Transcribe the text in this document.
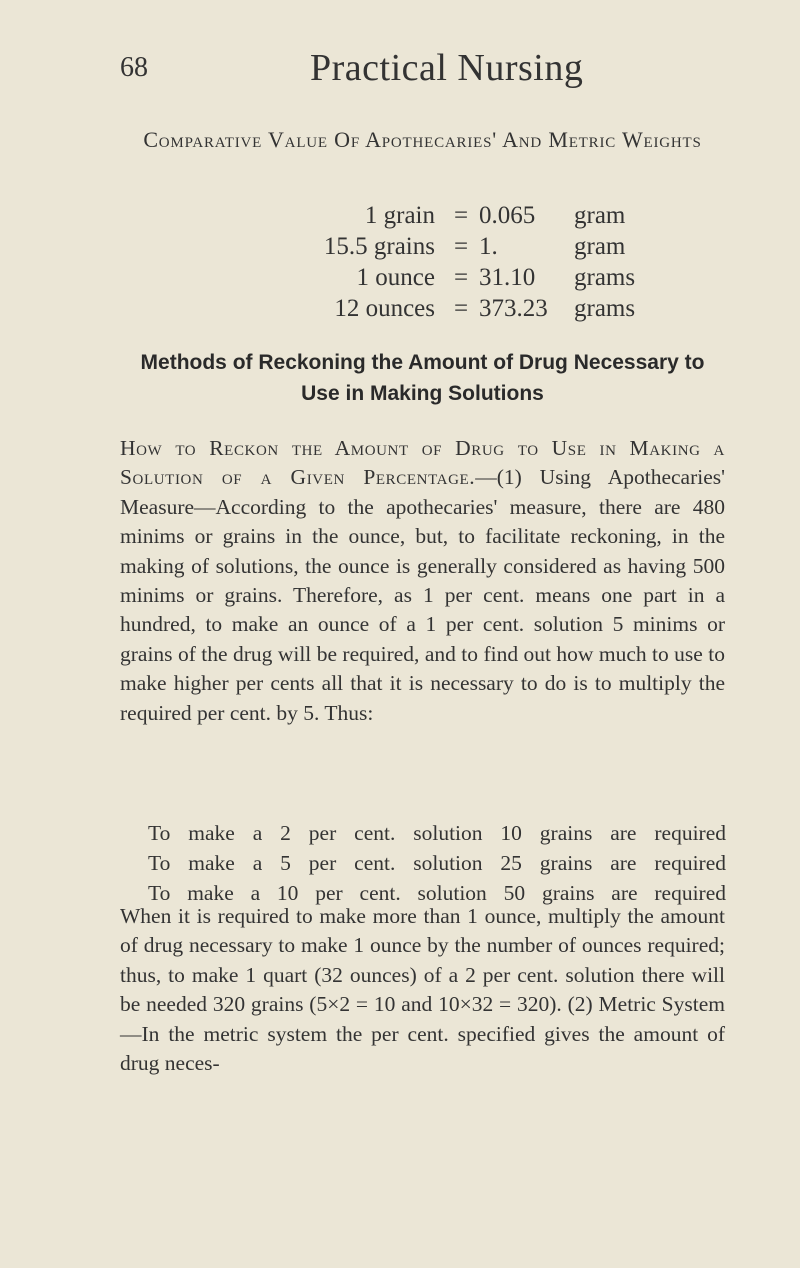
68	Practical Nursing
Comparative Value Of Apothecaries' And Metric Weights
1 grain = 0.065	gram
15.5 grains = 1.	gram
1 ounce = 31.10	grams
12 ounces = 373.23	grams
Methods of Reckoning the Amount of Drug Necessary to Use in Making Solutions

How to Reckon the Amount of Drug to Use in Making a Solution of a Given Percentage.—(1) Using Apothecaries' Measure—According to the apothecaries' measure, there are 480 minims or grains in the ounce, but, to facilitate reckoning, in the making of solutions, the ounce is generally considered as having 500 minims or grains. Therefore, as 1 per cent. means one part in a hundred, to make an ounce of a 1 per cent. solution 5 minims or grains of the drug will be required, and to find out how much to use to make higher per cents all that it is necessary to do is to multiply the required per cent. by 5. Thus:

To make a 2 per cent. solution 10 grains are required
To make a 5 per cent. solution 25 grains are required
To make a 10 per cent. solution 50 grains are required

When it is required to make more than 1 ounce, multiply the amount of drug necessary to make 1 ounce by the number of ounces required; thus, to make 1 quart (32 ounces) of a 2 per cent. solution there will be needed 320 grains (5×2 = 10 and 10×32 = 320). (2) Metric System—In the metric system the per cent. specified gives the amount of drug neces-
